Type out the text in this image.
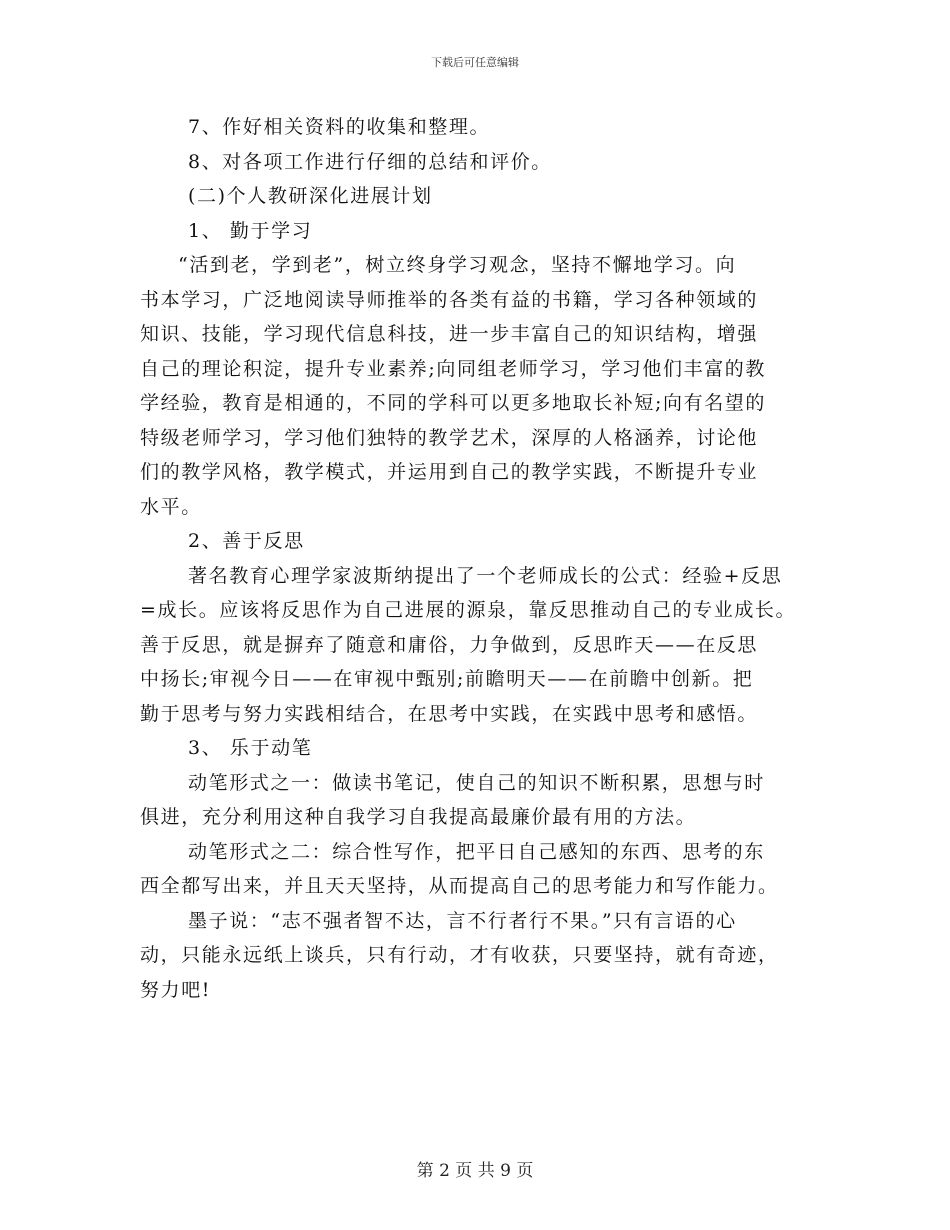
下载后可任意编辑
7、作好相关资料的收集和整理。
8、对各项工作进行仔细的总结和评价。
(二)个人教研深化进展计划
1、 勤于学习
“活到老，学到老”，树立终身学习观念，坚持不懈地学习。向
书本学习，广泛地阅读导师推举的各类有益的书籍，学习各种领域的
知识、技能，学习现代信息科技，进一步丰富自己的知识结构，增强
自己的理论积淀，提升专业素养;向同组老师学习，学习他们丰富的教
学经验，教育是相通的，不同的学科可以更多地取长补短;向有名望的
特级老师学习，学习他们独特的教学艺术，深厚的人格涵养，讨论他
们的教学风格，教学模式，并运用到自己的教学实践，不断提升专业
水平。
2、善于反思
著名教育心理学家波斯纳提出了一个老师成长的公式：经验+反思
=成长。应该将反思作为自己进展的源泉，靠反思推动自己的专业成长。
善于反思，就是摒弃了随意和庸俗，力争做到，反思昨天——在反思
中扬长;审视今日——在审视中甄别;前瞻明天——在前瞻中创新。把
勤于思考与努力实践相结合，在思考中实践，在实践中思考和感悟。
3、 乐于动笔
动笔形式之一：做读书笔记，使自己的知识不断积累，思想与时
俱进，充分利用这种自我学习自我提高最廉价最有用的方法。
动笔形式之二：综合性写作，把平日自己感知的东西、思考的东
西全都写出来，并且天天坚持，从而提高自己的思考能力和写作能力。
墨子说：“志不强者智不达，言不行者行不果。”只有言语的心
动，只能永远纸上谈兵，只有行动，才有收获，只要坚持，就有奇迹，
努力吧!
第 2 页 共 9 页
